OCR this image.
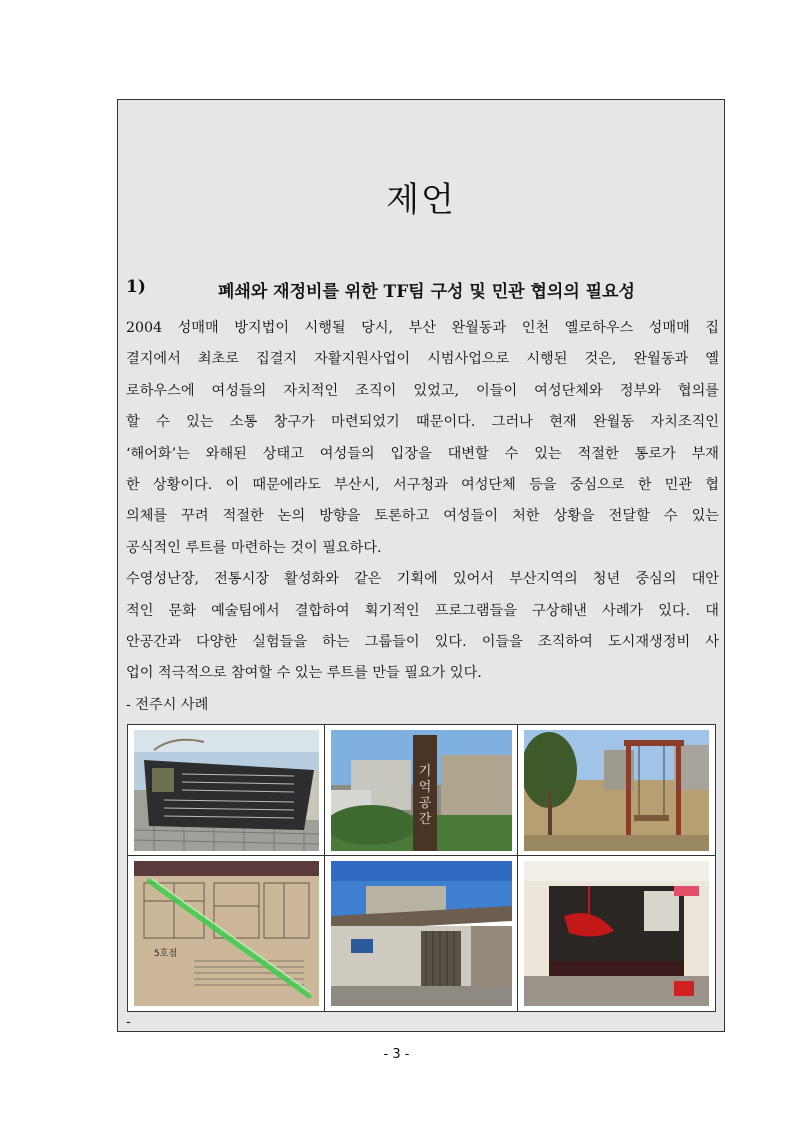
제언
1)	폐쇄와 재정비를 위한 TF팀 구성 및 민관 협의의 필요성
2004 성매매 방지법이 시행될 당시, 부산 완월동과 인천 옐로하우스 성매매 집
결지에서 최초로 집결지 자활지원사업이 시범사업으로 시행된 것은, 완월동과 옐
로하우스에 여성들의 자치적인 조직이 있었고, 이들이 여성단체와 정부와 협의를
할 수 있는 소통 창구가 마련되었기 때문이다. 그러나 현재 완월동 자치조직인
‘해어화’는 와해된 상태고 여성들의 입장을 대변할 수 있는 적절한 통로가 부재
한 상황이다. 이 때문에라도 부산시, 서구청과 여성단체 등을 중심으로 한 민관 협
의체를 꾸려 적절한 논의 방향을 토론하고 여성들이 처한 상황을 전달할 수 있는
공식적인 루트를 마련하는 것이 필요하다.
수영성난장, 전통시장 활성화와 같은 기획에 있어서 부산지역의 청년 중심의 대안
적인 문화 예술팀에서 결합하여 획기적인 프로그램들을 구상해낸 사례가 있다. 대
안공간과 다양한 실험들을 하는 그룹들이 있다. 이들을 조직하여 도시재생정비 사
업이 적극적으로 참여할 수 있는 루트를 만들 필요가 있다.
- 전주시 사례
기 억 공 간
5호점
-
- 3 -
